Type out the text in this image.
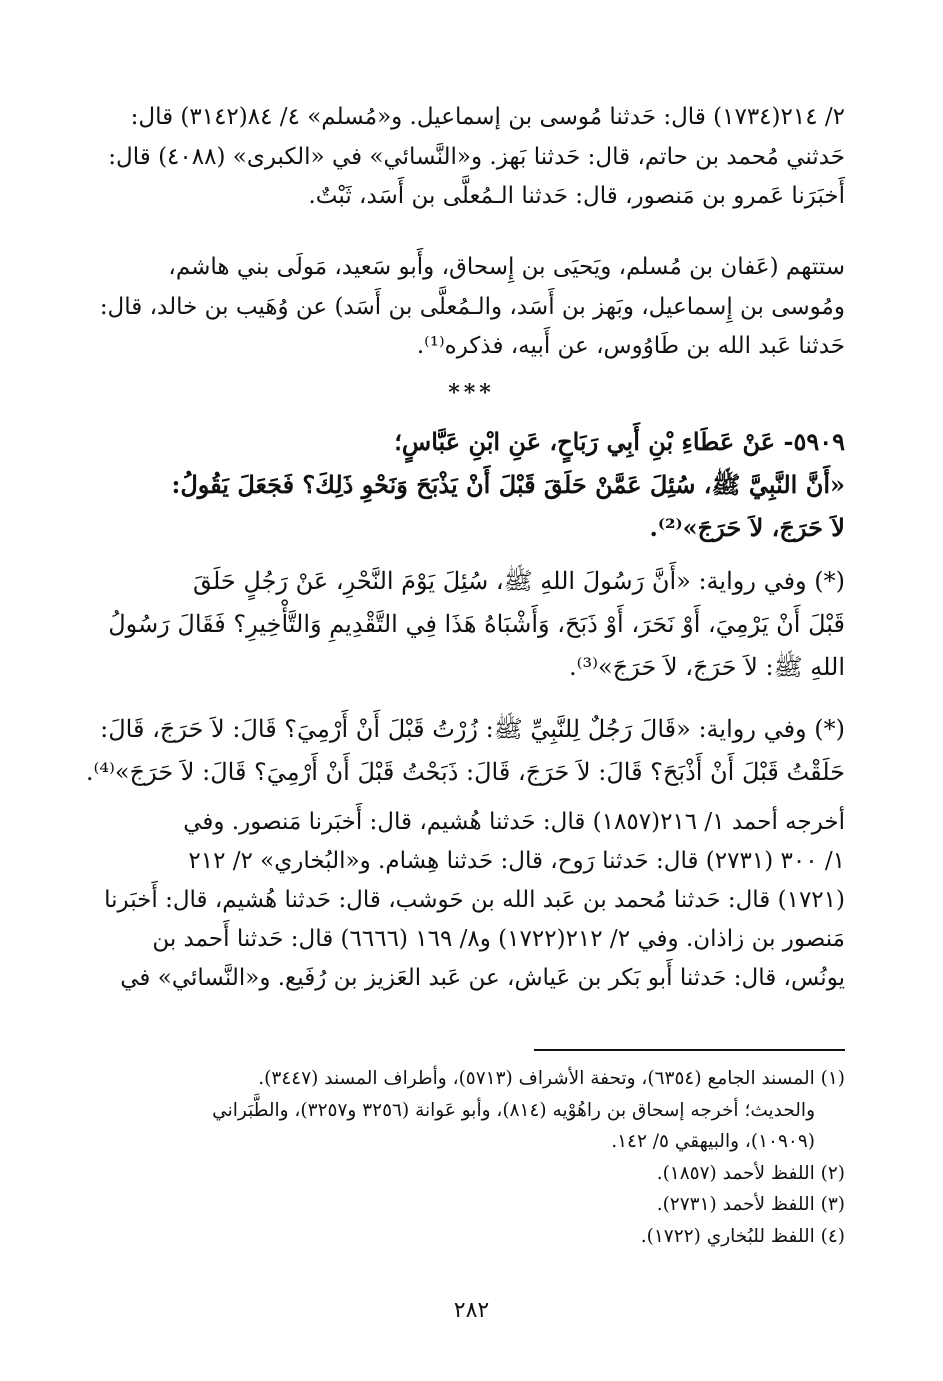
٢/ ٢١٤(١٧٣٤) قال: حَدثنا مُوسى بن إسماعيل. و«مُسلم» ٤/ ٨٤(٣١٤٢) قال:
حَدثني مُحمد بن حاتم، قال: حَدثنا بَهز. و«النَّسائي» في «الكبرى» (٤٠٨٨) قال:
أَخبَرَنا عَمرو بن مَنصور، قال: حَدثنا الـمُعلَّى بن أَسَد، ثَبْتٌ.
ستتهم (عَفان بن مُسلم، ويَحيَى بن إِسحاق، وأَبو سَعيد، مَولَى بني هاشم،
ومُوسى بن إِسماعيل، وبَهز بن أَسَد، والـمُعلَّى بن أَسَد) عن وُهَيب بن خالد، قال:
حَدثنا عَبد الله بن طَاوُوس، عن أَبيه، فذكره⁽¹⁾.
***
٥٩٠٩- عَنْ عَطَاءِ بْنِ أَبِي رَبَاحٍ، عَنِ ابْنِ عَبَّاسٍ؛
«أَنَّ النَّبِيَّ ﷺ، سُئِلَ عَمَّنْ حَلَقَ قَبْلَ أَنْ يَذْبَحَ وَنَحْوِ ذَلِكَ؟ فَجَعَلَ يَقُولُ:
لاَ حَرَجَ، لاَ حَرَجَ»⁽²⁾.
(*) وفي رواية: «أَنَّ رَسُولَ اللهِ ﷺ، سُئِلَ يَوْمَ النَّحْرِ، عَنْ رَجُلٍ حَلَقَ
قَبْلَ أَنْ يَرْمِيَ، أَوْ نَحَرَ، أَوْ ذَبَحَ، وَأَشْبَاهُ هَذَا فِي التَّقْدِيمِ وَالتَّأْخِيرِ؟ فَقَالَ رَسُولُ
اللهِ ﷺ: لاَ حَرَجَ، لاَ حَرَجَ»⁽³⁾.
(*) وفي رواية: «قَالَ رَجُلٌ لِلنَّبِيِّ ﷺ: زُرْتُ قَبْلَ أَنْ أَرْمِيَ؟ قَالَ: لاَ حَرَجَ، قَالَ:
حَلَقْتُ قَبْلَ أَنْ أَذْبَحَ؟ قَالَ: لاَ حَرَجَ، قَالَ: ذَبَحْتُ قَبْلَ أَنْ أَرْمِيَ؟ قَالَ: لاَ حَرَجَ»⁽⁴⁾.
أخرجه أحمد ١/ ٢١٦(١٨٥٧) قال: حَدثنا هُشيم، قال: أَخبَرنا مَنصور. وفي
١/ ٣٠٠ (٢٧٣١) قال: حَدثنا رَوح، قال: حَدثنا هِشام. و«البُخاري» ٢/ ٢١٢
(١٧٢١) قال: حَدثنا مُحمد بن عَبد الله بن حَوشب، قال: حَدثنا هُشيم، قال: أَخبَرنا
مَنصور بن زاذان. وفي ٢/ ٢١٢(١٧٢٢) و٨/ ١٦٩ (٦٦٦٦) قال: حَدثنا أَحمد بن
يونُس، قال: حَدثنا أَبو بَكر بن عَياش، عن عَبد العَزيز بن رُفَيع. و«النَّسائي» في
(١) المسند الجامع (٦٣٥٤)، وتحفة الأشراف (٥٧١٣)، وأطراف المسند (٣٤٤٧).
والحديث؛ أخرجه إسحاق بن راهُوْيه (٨١٤)، وأبو عَوانة (٣٢٥٦ و٣٢٥٧)، والطَّبَراني
(١٠٩٠٩)، والبيهقي ٥/ ١٤٢.
(٢) اللفظ لأحمد (١٨٥٧).
(٣) اللفظ لأحمد (٢٧٣١).
(٤) اللفظ للبُخاري (١٧٢٢).
٢٨٢
